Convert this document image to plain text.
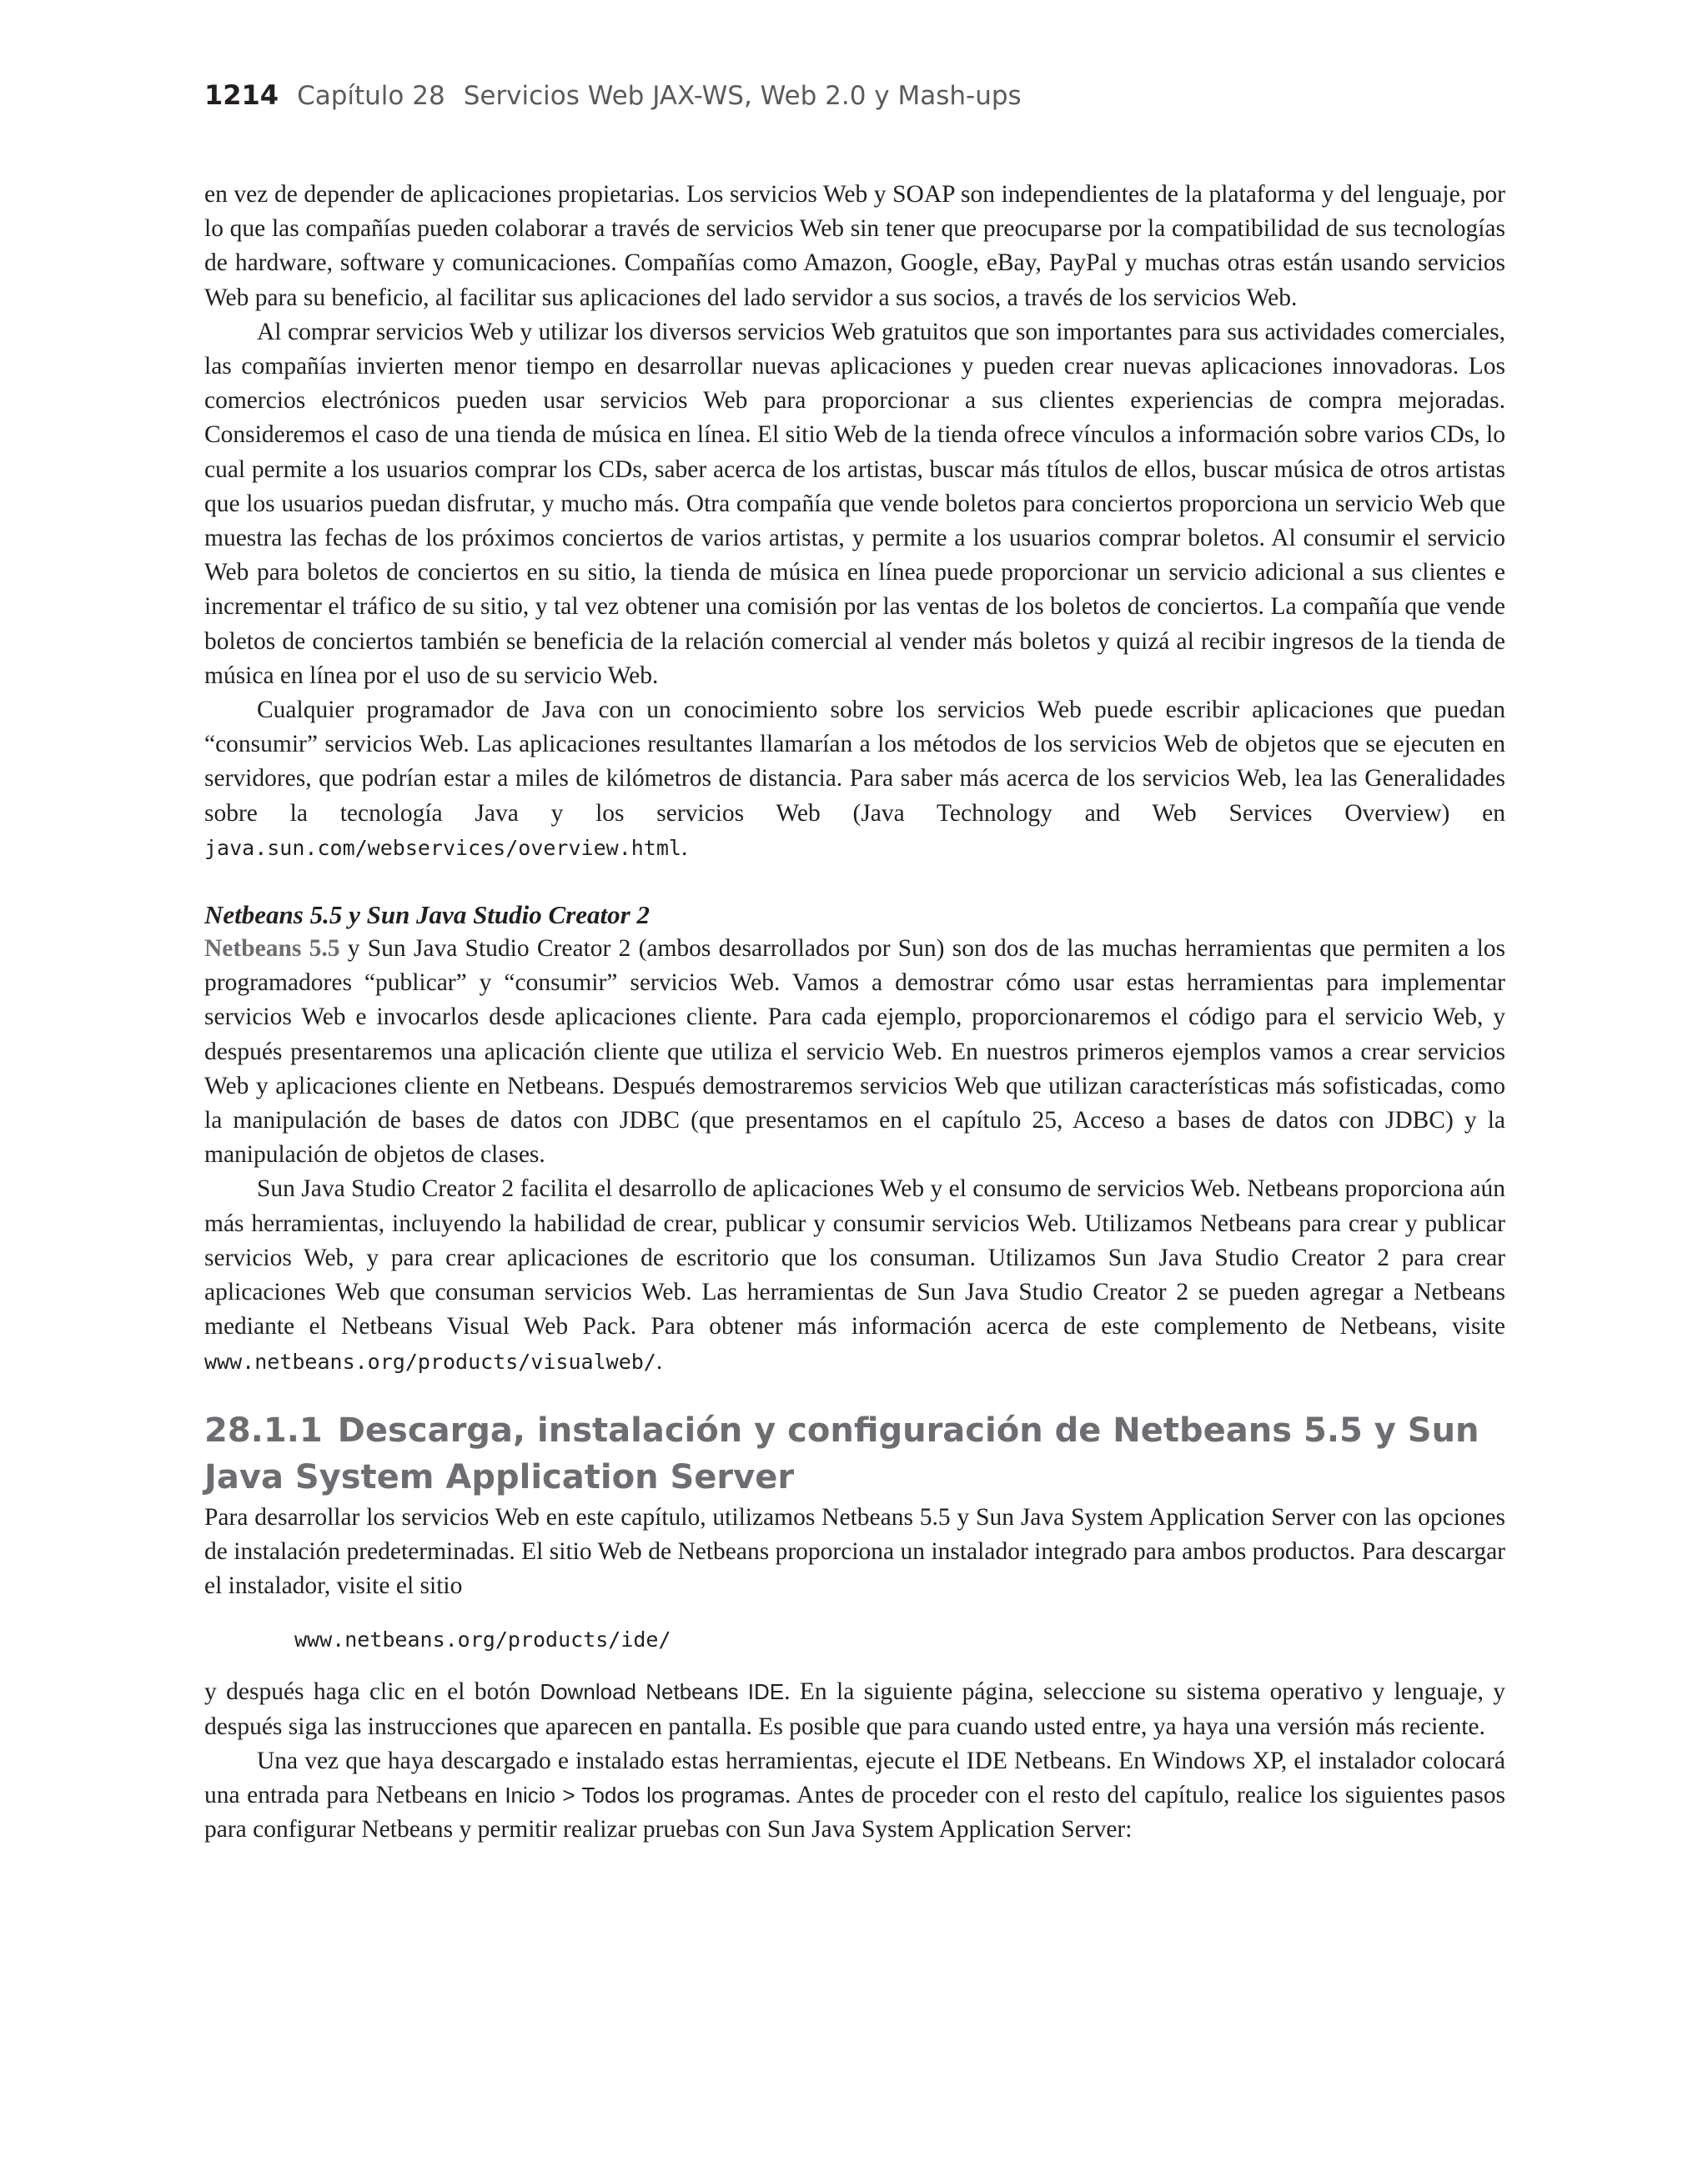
1214 Capítulo 28 Servicios Web JAX-WS, Web 2.0 y Mash-ups

en vez de depender de aplicaciones propietarias. Los servicios Web y SOAP son independientes de la plataforma y del lenguaje, por lo que las compañías pueden colaborar a través de servicios Web sin tener que preocuparse por la compatibilidad de sus tecnologías de hardware, software y comunicaciones. Compañías como Amazon, Google, eBay, PayPal y muchas otras están usando servicios Web para su beneficio, al facilitar sus aplicaciones del lado servidor a sus socios, a través de los servicios Web.

Al comprar servicios Web y utilizar los diversos servicios Web gratuitos que son importantes para sus actividades comerciales, las compañías invierten menor tiempo en desarrollar nuevas aplicaciones y pueden crear nuevas aplicaciones innovadoras. Los comercios electrónicos pueden usar servicios Web para proporcionar a sus clientes experiencias de compra mejoradas. Consideremos el caso de una tienda de música en línea. El sitio Web de la tienda ofrece vínculos a información sobre varios CDs, lo cual permite a los usuarios comprar los CDs, saber acerca de los artistas, buscar más títulos de ellos, buscar música de otros artistas que los usuarios puedan disfrutar, y mucho más. Otra compañía que vende boletos para conciertos proporciona un servicio Web que muestra las fechas de los próximos conciertos de varios artistas, y permite a los usuarios comprar boletos. Al consumir el servicio Web para boletos de conciertos en su sitio, la tienda de música en línea puede proporcionar un servicio adicional a sus clientes e incrementar el tráfico de su sitio, y tal vez obtener una comisión por las ventas de los boletos de conciertos. La compañía que vende boletos de conciertos también se beneficia de la relación comercial al vender más boletos y quizá al recibir ingresos de la tienda de música en línea por el uso de su servicio Web.

Cualquier programador de Java con un conocimiento sobre los servicios Web puede escribir aplicaciones que puedan “consumir” servicios Web. Las aplicaciones resultantes llamarían a los métodos de los servicios Web de objetos que se ejecuten en servidores, que podrían estar a miles de kilómetros de distancia. Para saber más acerca de los servicios Web, lea las Generalidades sobre la tecnología Java y los servicios Web (Java Technology and Web Services Overview) en java.sun.com/webservices/overview.html.

Netbeans 5.5 y Sun Java Studio Creator 2

Netbeans 5.5 y Sun Java Studio Creator 2 (ambos desarrollados por Sun) son dos de las muchas herramientas que permiten a los programadores “publicar” y “consumir” servicios Web. Vamos a demostrar cómo usar estas herramientas para implementar servicios Web e invocarlos desde aplicaciones cliente. Para cada ejemplo, proporcionaremos el código para el servicio Web, y después presentaremos una aplicación cliente que utiliza el servicio Web. En nuestros primeros ejemplos vamos a crear servicios Web y aplicaciones cliente en Netbeans. Después demostraremos servicios Web que utilizan características más sofisticadas, como la manipulación de bases de datos con JDBC (que presentamos en el capítulo 25, Acceso a bases de datos con JDBC) y la manipulación de objetos de clases.

Sun Java Studio Creator 2 facilita el desarrollo de aplicaciones Web y el consumo de servicios Web. Netbeans proporciona aún más herramientas, incluyendo la habilidad de crear, publicar y consumir servicios Web. Utilizamos Netbeans para crear y publicar servicios Web, y para crear aplicaciones de escritorio que los consuman. Utilizamos Sun Java Studio Creator 2 para crear aplicaciones Web que consuman servicios Web. Las herramientas de Sun Java Studio Creator 2 se pueden agregar a Netbeans mediante el Netbeans Visual Web Pack. Para obtener más información acerca de este complemento de Netbeans, visite www.netbeans.org/products/visualweb/.

28.1.1 Descarga, instalación y configuración de Netbeans 5.5 y Sun Java System Application Server

Para desarrollar los servicios Web en este capítulo, utilizamos Netbeans 5.5 y Sun Java System Application Server con las opciones de instalación predeterminadas. El sitio Web de Netbeans proporciona un instalador integrado para ambos productos. Para descargar el instalador, visite el sitio

www.netbeans.org/products/ide/

y después haga clic en el botón Download Netbeans IDE. En la siguiente página, seleccione su sistema operativo y lenguaje, y después siga las instrucciones que aparecen en pantalla. Es posible que para cuando usted entre, ya haya una versión más reciente.

Una vez que haya descargado e instalado estas herramientas, ejecute el IDE Netbeans. En Windows XP, el instalador colocará una entrada para Netbeans en Inicio > Todos los programas. Antes de proceder con el resto del capítulo, realice los siguientes pasos para configurar Netbeans y permitir realizar pruebas con Sun Java System Application Server:
